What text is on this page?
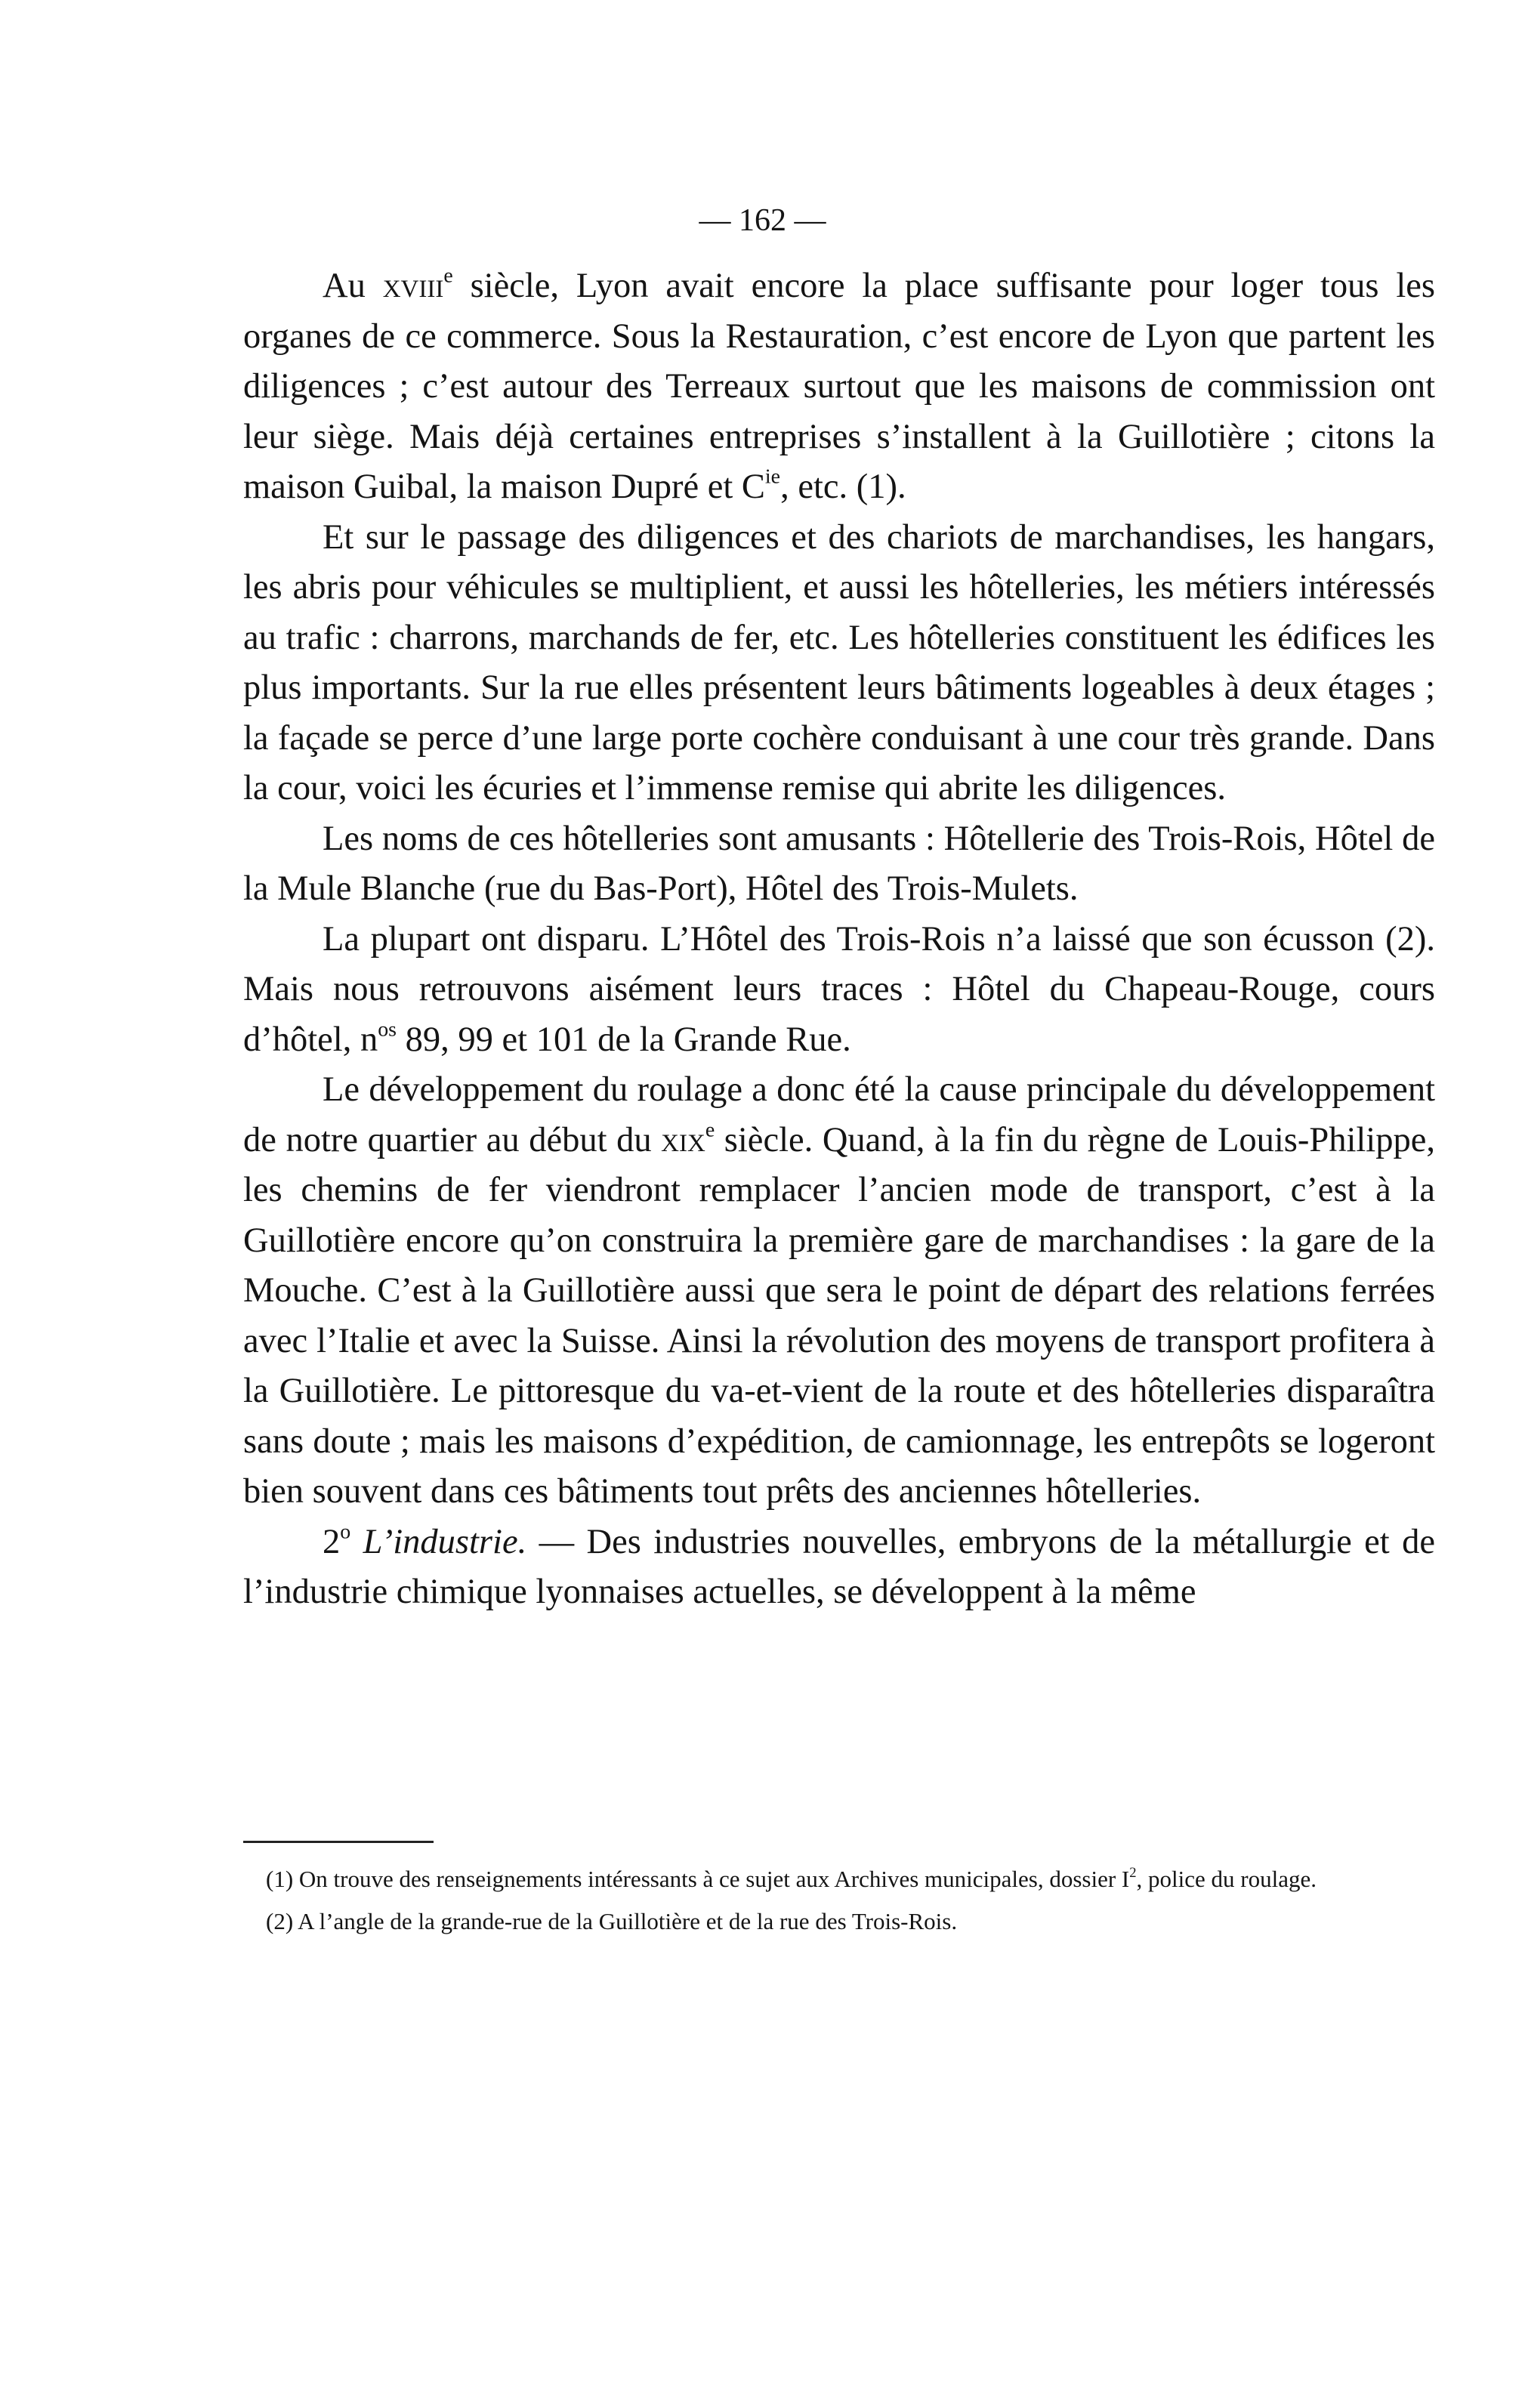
— 162 —

Au xviii$^e$ siècle, Lyon avait encore la place suffisante pour loger tous les organes de ce commerce. Sous la Restauration, c’est encore de Lyon que partent les diligences ; c’est autour des Terreaux surtout que les maisons de commission ont leur siège. Mais déjà certaines entreprises s’installent à la Guillotière ; citons la maison Guibal, la maison Dupré et $C^{ie}$, etc. (1).

Et sur le passage des diligences et des chariots de marchandises, les hangars, les abris pour véhicules se multiplient, et aussi les hôtelleries, les métiers intéressés au trafic : charrons, marchands de fer, etc. Les hôtelleries constituent les édifices les plus importants. Sur la rue elles présentent leurs bâtiments logeables à deux étages ; la façade se perce d’une large porte cochère conduisant à une cour très grande. Dans la cour, voici les écuries et l’immense remise qui abrite les diligences.

Les noms de ces hôtelleries sont amusants : Hôtellerie des Trois-Rois, Hôtel de la Mule Blanche (rue du Bas-Port), Hôtel des Trois-Mulets.

La plupart ont disparu. L’Hôtel des Trois-Rois n’a laissé que son écusson (2). Mais nous retrouvons aisément leurs traces : Hôtel du Chapeau-Rouge, cours d’hôtel, $n^{os}$ 89, 99 et 101 de la Grande Rue.

Le développement du roulage a donc été la cause principale du développement de notre quartier au début du xix$^e$ siècle. Quand, à la fin du règne de Louis-Philippe, les chemins de fer viendront remplacer l’ancien mode de transport, c’est à la Guillotière encore qu’on construira la première gare de marchandises : la gare de la Mouche. C’est à la Guillotière aussi que sera le point de départ des relations ferrées avec l’Italie et avec la Suisse. Ainsi la révolution des moyens de transport profitera à la Guillotière. Le pittoresque du va-et-vient de la route et des hôtelleries disparaîtra sans doute ; mais les maisons d’expédition, de camionnage, les entrepôts se logeront bien souvent dans ces bâtiments tout prêts des anciennes hôtelleries.

2$^o$ L’industrie. — Des industries nouvelles, embryons de la métallurgie et de l’industrie chimique lyonnaises actuelles, se développent à la même

(1) On trouve des renseignements intéressants à ce sujet aux Archives municipales, dossier $I^2$, police du roulage.

(2) A l’angle de la grande-rue de la Guillotière et de la rue des Trois-Rois.
